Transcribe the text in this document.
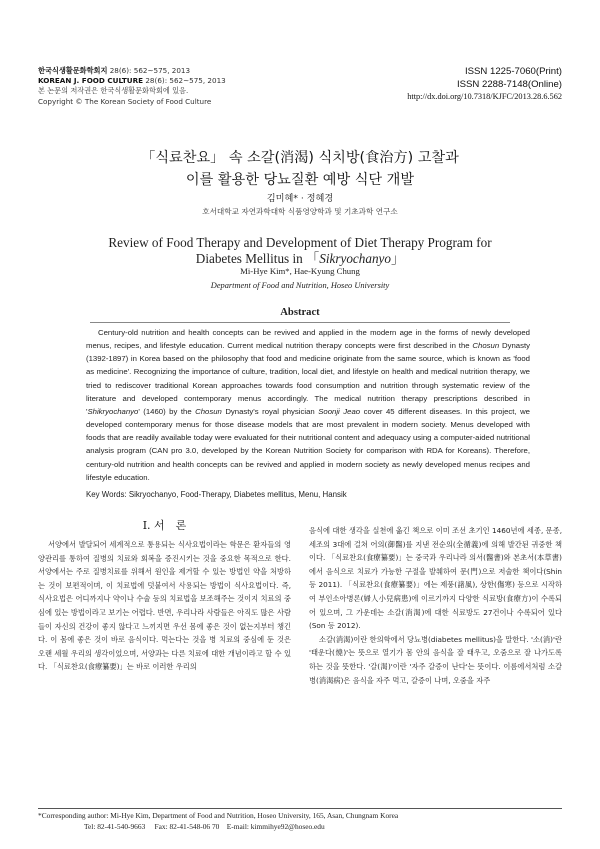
한국식생활문화학회지 28(6): 562~575, 2013
KOREAN J. FOOD CULTURE 28(6): 562~575, 2013
본 논문의 저작권은 한국식생활문화학회에 있음.
Copyright © The Korean Society of Food Culture
ISSN 1225-7060(Print)
ISSN 2288-7148(Online)
http://dx.doi.org/10.7318/KJFC/2013.28.6.562
「식료찬요」 속 소갈(消渴) 식치방(食治方) 고찰과
이를 활용한 당뇨질환 예방 식단 개발
김미혜* · 정혜경
호서대학교 자연과학대학 식품영양학과 및 기초과학 연구소
Review of Food Therapy and Development of Diet Therapy Program for
Diabetes Mellitus in 「Sikryochanyo」
Mi-Hye Kim*, Hae-Kyung Chung
Department of Food and Nutrition, Hoseo University
Abstract
Century-old nutrition and health concepts can be revived and applied in the modern age in the forms of newly developed menus, recipes, and lifestyle education. Current medical nutrition therapy concepts were first described in the Chosun Dynasty (1392-1897) in Korea based on the philosophy that food and medicine originate from the same source, which is known as 'food as medicine'. Recognizing the importance of culture, tradition, local diet, and lifestyle on health and medical nutrition therapy, we tried to rediscover traditional Korean approaches towards food consumption and nutrition through systematic review of the literature and developed contemporary menus accordingly. The medical nutrition therapy prescriptions described in 'Shikryochanyo' (1460) by the Chosun Dynasty's royal physician Soonji Jeao cover 45 different diseases. In this project, we developed contemporary menus for those disease models that are most prevalent in modern society. Menus developed with foods that are readily available today were evaluated for their nutritional content and adequacy using a computer-aided nutritional analysis program (CAN pro 3.0, developed by the Korean Nutrition Society for comparison with RDA for Koreans). Therefore, century-old nutrition and health concepts can be revived and applied in modern society as newly developed menus recipes and lifestyle education.
Key Words: Sikryochanyo, Food-Therapy, Diabetes mellitus, Menu, Hansik
I. 서　론

서양에서 발달되어 세계적으로 통용되는 식사요법이라는 학문은 환자들의 영양관리를 통하여 질병의 치료와 회복을 증진시키는 것을 중요한 목적으로 한다. 서양에서는 주로 질병치료를 위해서 원인을 제거할 수 있는 방법인 약을 처방하는 것이 보편적이며, 이 치료법에 덧붙여서 사용되는 방법이 식사요법이다. 즉, 식사요법은 어디까지나 약이나 수술 등의 치료법을 보조해주는 것이지 치료의 중심에 있는 방법이라고 보기는 어렵다. 반면, 우리나라 사람들은 아직도 많은 사람들이 자신의 건강이 좋지 않다고 느끼지면 우선 몸에 좋은 것이 없는지부터 챙긴다. 이 몸에 좋은 것이 바로 음식이다. 먹는다는 것을 병 치료의 중심에 둔 것은 오랜 세월 우리의 생각이었으며, 서양과는 다른 치료에 대한 개념이라고 할 수 있다. 「식료찬요(食療纂要)」는 바로 이러한 우리의

음식에 대한 생각을 실천에 옮긴 책으로 이미 조선 초기인 1460년에 세종, 문종, 세조의 3대에 걸쳐 어의(御醫)를 지낸 전순의(全循義)에 의해 발간된 귀중한 책이다. 「식료찬요(食療纂要)」는 중국과 우리나라 의서(醫書)와 본초서(本草書)에서 음식으로 치료가 가능한 구절을 발췌하여 문(門)으로 저술한 책이다(Shin 등 2011). 「식료찬요(食療纂要)」에는 제풍(諸風), 상한(傷寒) 등으로 시작하여 부인소아병론(婦人小兒病患)에 이르기까지 다양한 식료방(食療方)이 수록되어 있으며, 그 가운데는 소갈(消渴)에 대한 식료방도 27건이나 수록되어 있다(Son 등 2012).

소갈(消渴)이란 한의학에서 당뇨병(diabetes mellitus)을 말한다. '소(消)'란 '태운다(燒)'는 뜻으로 열기가 몸 안의 음식을 잘 태우고, 오줌으로 잘 나가도록 하는 것을 뜻한다. '갈(渴)'이란 '자주 갈증이 난다'는 뜻이다. 이름에서처럼 소갈병(消渴病)은 음식을 자주 먹고, 갈증이 나며, 오줌을 자주

*Corresponding author: Mi-Hye Kim, Department of Food and Nutrition, Hoseo University, 165, Asan, Chungnam Korea
Tel: 82-41-540-9663　 Fax: 82-41-548-06 70　E-mail: kimmihye92@hoseo.edu
